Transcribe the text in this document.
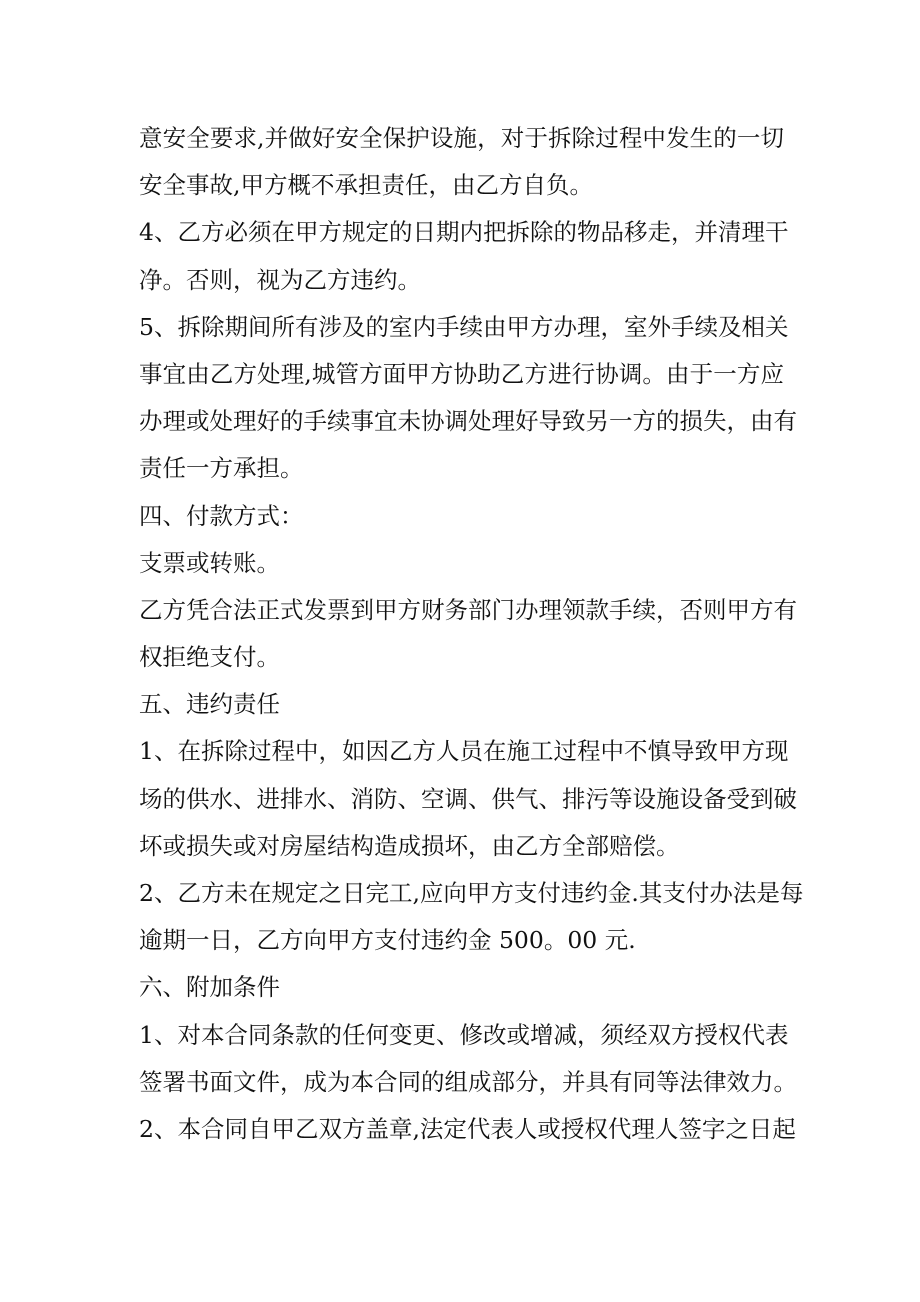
意安全要求,并做好安全保护设施，对于拆除过程中发生的一切
安全事故,甲方概不承担责任，由乙方自负。
4、乙方必须在甲方规定的日期内把拆除的物品移走，并清理干
净。否则，视为乙方违约。
5、拆除期间所有涉及的室内手续由甲方办理，室外手续及相关
事宜由乙方处理,城管方面甲方协助乙方进行协调。由于一方应
办理或处理好的手续事宜未协调处理好导致另一方的损失，由有
责任一方承担。
四、付款方式：
支票或转账。
乙方凭合法正式发票到甲方财务部门办理领款手续，否则甲方有
权拒绝支付。
五、违约责任
1、在拆除过程中，如因乙方人员在施工过程中不慎导致甲方现
场的供水、进排水、消防、空调、供气、排污等设施设备受到破
坏或损失或对房屋结构造成损坏，由乙方全部赔偿。
2、乙方未在规定之日完工,应向甲方支付违约金.其支付办法是每
逾期一日，乙方向甲方支付违约金 500。00 元.
六、附加条件
1、对本合同条款的任何变更、修改或增减，须经双方授权代表
签署书面文件，成为本合同的组成部分，并具有同等法律效力。
2、本合同自甲乙双方盖章,法定代表人或授权代理人签字之日起
